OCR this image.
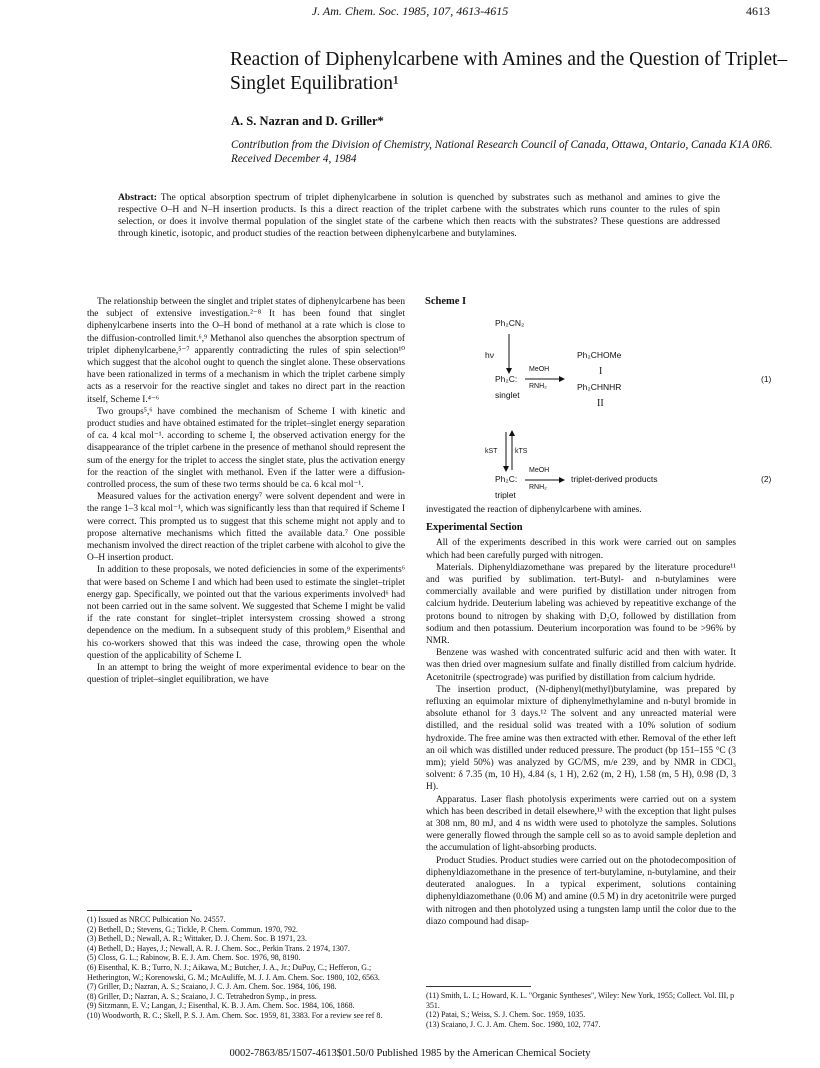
J. Am. Chem. Soc. 1985, 107, 4613-4615	4613
Reaction of Diphenylcarbene with Amines and the Question of Triplet–Singlet Equilibration¹
A. S. Nazran and D. Griller*
Contribution from the Division of Chemistry, National Research Council of Canada, Ottawa, Ontario, Canada K1A 0R6. Received December 4, 1984
Abstract: The optical absorption spectrum of triplet diphenylcarbene in solution is quenched by substrates such as methanol and amines to give the respective O–H and N–H insertion products. Is this a direct reaction of the triplet carbene with the substrates which runs counter to the rules of spin selection, or does it involve thermal population of the singlet state of the carbene which then reacts with the substrates? These questions are addressed through kinetic, isotopic, and product studies of the reaction between diphenylcarbene and butylamines.

The relationship between the singlet and triplet states of diphenylcarbene has been the subject of extensive investigation.²⁻⁸ It has been found that singlet diphenylcarbene inserts into the O–H bond of methanol at a rate which is close to the diffusion-controlled limit.⁶,⁹ Methanol also quenches the absorption spectrum of triplet diphenylcarbene,⁵⁻⁷ apparently contradicting the rules of spin selection¹⁰ which suggest that the alcohol ought to quench the singlet alone. These observations have been rationalized in terms of a mechanism in which the triplet carbene simply acts as a reservoir for the reactive singlet and takes no direct part in the reaction itself, Scheme I.⁴⁻⁶

Two groups⁵,⁶ have combined the mechanism of Scheme I with kinetic and product studies and have obtained estimated for the triplet–singlet energy separation of ca. 4 kcal mol⁻¹. according to scheme I, the observed activation energy for the disappearance of the triplet carbene in the presence of methanol should represent the sum of the energy for the triplet to access the singlet state, plus the activation energy for the reaction of the singlet with methanol. Even if the latter were a diffusion-controlled process, the sum of these two terms should be ca. 6 kcal mol⁻¹.

Measured values for the activation energy⁷ were solvent dependent and were in the range 1–3 kcal mol⁻¹, which was significantly less than that required if Scheme I were correct. This prompted us to suggest that this scheme might not apply and to propose alternative mechanisms which fitted the available data.⁷ One possible mechanism involved the direct reaction of the triplet carbene with alcohol to give the O–H insertion product.

In addition to these proposals, we noted deficiencies in some of the experiments⁶ that were based on Scheme I and which had been used to estimate the singlet–triplet energy gap. Specifically, we pointed out that the various experiments involved⁶ had not been carried out in the same solvent. We suggested that Scheme I might be valid if the rate constant for singlet–triplet intersystem crossing showed a strong dependence on the medium. In a subsequent study of this problem,⁹ Eisenthal and his co-workers showed that this was indeed the case, throwing open the whole question of the applicability of Scheme I.

In an attempt to bring the weight of more experimental evidence to bear on the question of triplet–singlet equilibration, we have

(1) Issued as NRCC Pulbication No. 24557.
(2) Bethell, D.; Stevens, G.; Tickle, P. Chem. Commun. 1970, 792.
(3) Bethell, D.; Newall, A. R.; Wittaker, D. J. Chem. Soc. B 1971, 23.
(4) Bethell, D.; Hayes, J.; Newall, A. R. J. Chem. Soc., Perkin Trans. 2 1974, 1307.
(5) Closs, G. L.; Rabinow, B. E. J. Am. Chem. Soc. 1976, 98, 8190.
(6) Eisenthal, K. B.; Turro, N. J.; Aikawa, M.; Butcher, J. A., Jr.; DuPuy, C.; Hefferon, G.; Hetherington, W.; Korenowski, G. M.; McAuliffe, M. J. J. Am. Chem. Soc. 1980, 102, 6563.
(7) Griller, D.; Nazran, A. S.; Scaiano, J. C. J. Am. Chem. Soc. 1984, 106, 198.
(8) Griller, D.; Nazran, A. S.; Scaiano, J. C. Tetrahedron Symp., in press.
(9) Sitzmann, E. V.; Langan, J.; Eisenthal, K. B. J. Am. Chem. Soc. 1984, 106, 1868.
(10) Woodworth, R. C.; Skell, P. S. J. Am. Chem. Soc. 1959, 81, 3383. For a review see ref 8.
Scheme I
Ph₂CN₂
hν
Ph₂C:
singlet
MeOH
RNH₂
Ph₂CHOMe
I
Ph₂CHNHR
II
(1)
kST	kTS
Ph₂C:
MeOH
RNH₂
triplet-derived products	(2)
triplet

investigated the reaction of diphenylcarbene with amines.

Experimental Section

All of the experiments described in this work were carried out on samples which had been carefully purged with nitrogen.

Materials. Diphenyldiazomethane was prepared by the literature procedure¹¹ and was purified by sublimation. tert-Butyl- and n-butylamines were commercially available and were purified by distillation under nitrogen from calcium hydride. Deuterium labeling was achieved by repeatitive exchange of the protons bound to nitrogen by shaking with D₂O, followed by distillation from sodium and then potassium. Deuterium incorporation was found to be >96% by NMR.

Benzene was washed with concentrated sulfuric acid and then with water. It was then dried over magnesium sulfate and finally distilled from calcium hydride. Acetonitrile (spectrograde) was purified by distillation from calcium hydride.

The insertion product, (N-diphenyl(methyl)butylamine, was prepared by refluxing an equimolar mixture of diphenylmethylamine and n-butyl bromide in absolute ethanol for 3 days.¹² The solvent and any unreacted material were distilled, and the residual solid was treated with a 10% solution of sodium hydroxide. The free amine was then extracted with ether. Removal of the ether left an oil which was distilled under reduced pressure. The product (bp 151–155 °C (3 mm); yield 50%) was analyzed by GC/MS, m/e 239, and by NMR in CDCl₃ solvent: δ 7.35 (m, 10 H), 4.84 (s, 1 H), 2.62 (m, 2 H), 1.58 (m, 5 H), 0.98 (D, 3 H).

Apparatus. Laser flash photolysis experiments were carried out on a system which has been described in detail elsewhere,¹³ with the exception that light pulses at 308 nm, 80 mJ, and 4 ns width were used to photolyze the samples. Solutions were generally flowed through the sample cell so as to avoid sample depletion and the accumulation of light-absorbing products.

Product Studies. Product studies were carried out on the photodecomposition of diphenyldiazomethane in the presence of tert-butylamine, n-butylamine, and their deuterated analogues. In a typical experiment, solutions containing diphenyldiazomethane (0.06 M) and amine (0.5 M) in dry acetonitrile were purged with nitrogen and then photolyzed using a tungsten lamp until the color due to the diazo compound had disap-

(11) Smith, L. I.; Howard, K. L. "Organic Syntheses", Wiley: New York, 1955; Collect. Vol. III, p 351.
(12) Patai, S.; Weiss, S. J. Chem. Soc. 1959, 1035.
(13) Scaiano, J. C. J. Am. Chem. Soc. 1980, 102, 7747.
0002-7863/85/1507-4613$01.50/0 Published 1985 by the American Chemical Society
